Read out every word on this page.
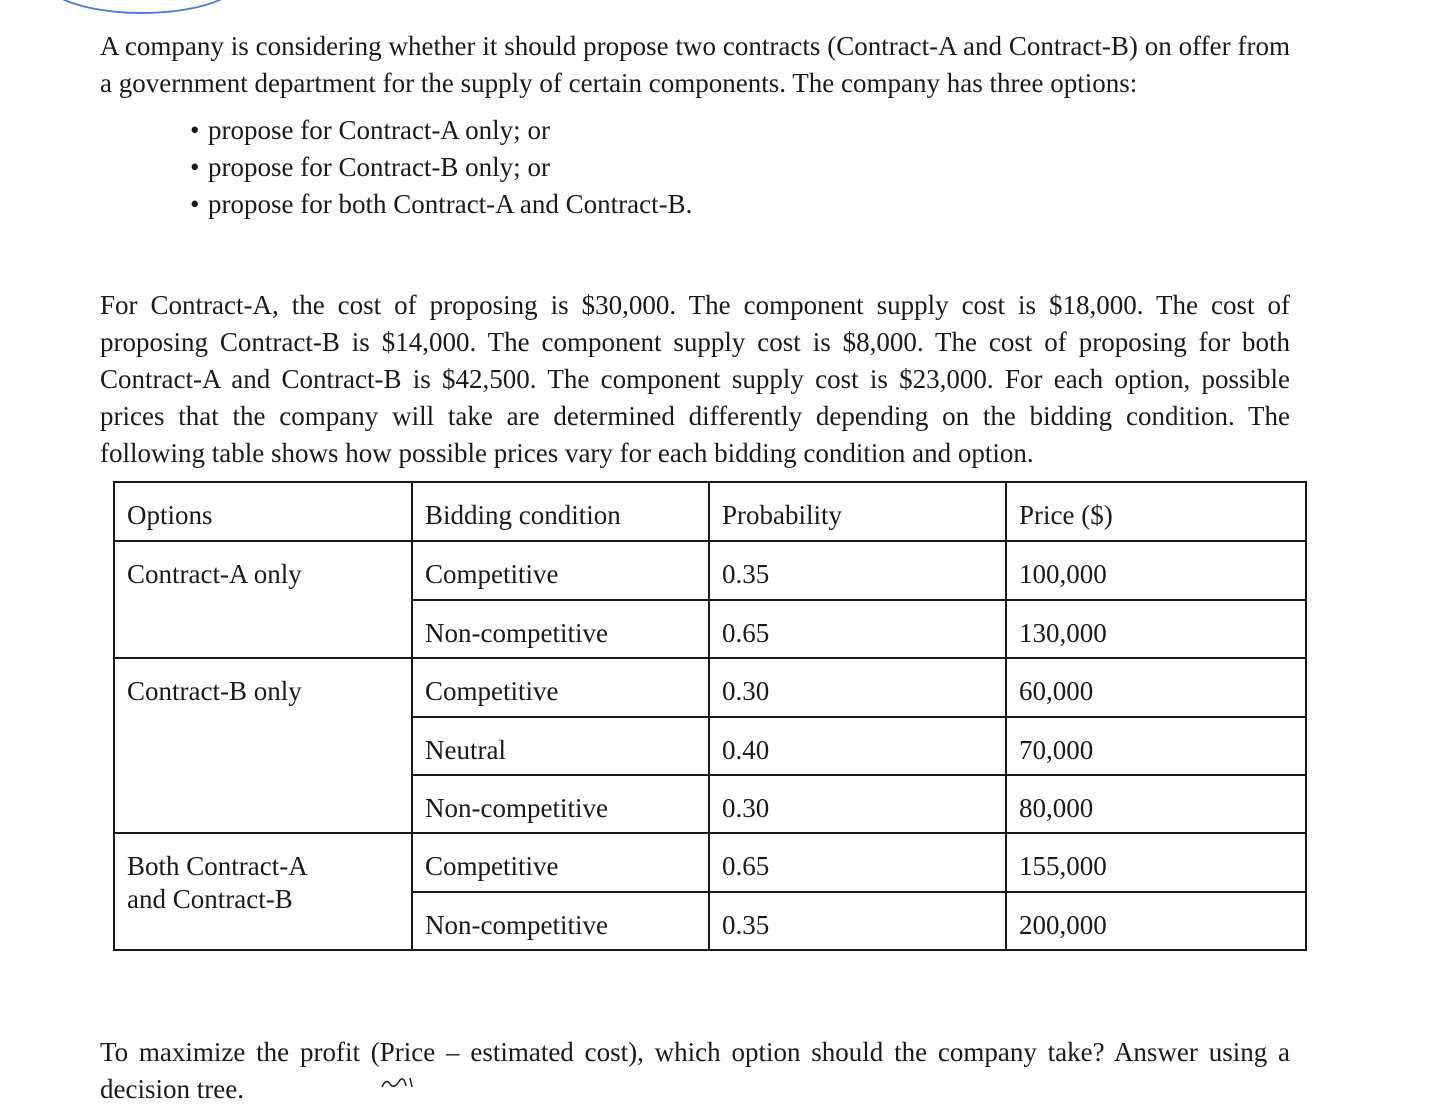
A company is considering whether it should propose two contracts (Contract-A and Contract-B) on offer from a government department for the supply of certain components. The company has three options:

• propose for Contract-A only; or
• propose for Contract-B only; or
• propose for both Contract-A and Contract-B.

For Contract-A, the cost of proposing is $30,000. The component supply cost is $18,000. The cost of proposing Contract-B is $14,000. The component supply cost is $8,000. The cost of proposing for both Contract-A and Contract-B is $42,500. The component supply cost is $23,000. For each option, possible prices that the company will take are determined differently depending on the bidding condition. The following table shows how possible prices vary for each bidding condition and option.

Options	Bidding condition	Probability	Price ($)
Contract-A only	Competitive	0.35	100,000
	Non-competitive	0.65	130,000
Contract-B only	Competitive	0.30	60,000
	Neutral	0.40	70,000
	Non-competitive	0.30	80,000

Both Contract-A
and Contract-B	Competitive	0.65	155,000
	Non-competitive	0.35	200,000

To maximize the profit (Price – estimated cost), which option should the company take? Answer using a decision tree.
